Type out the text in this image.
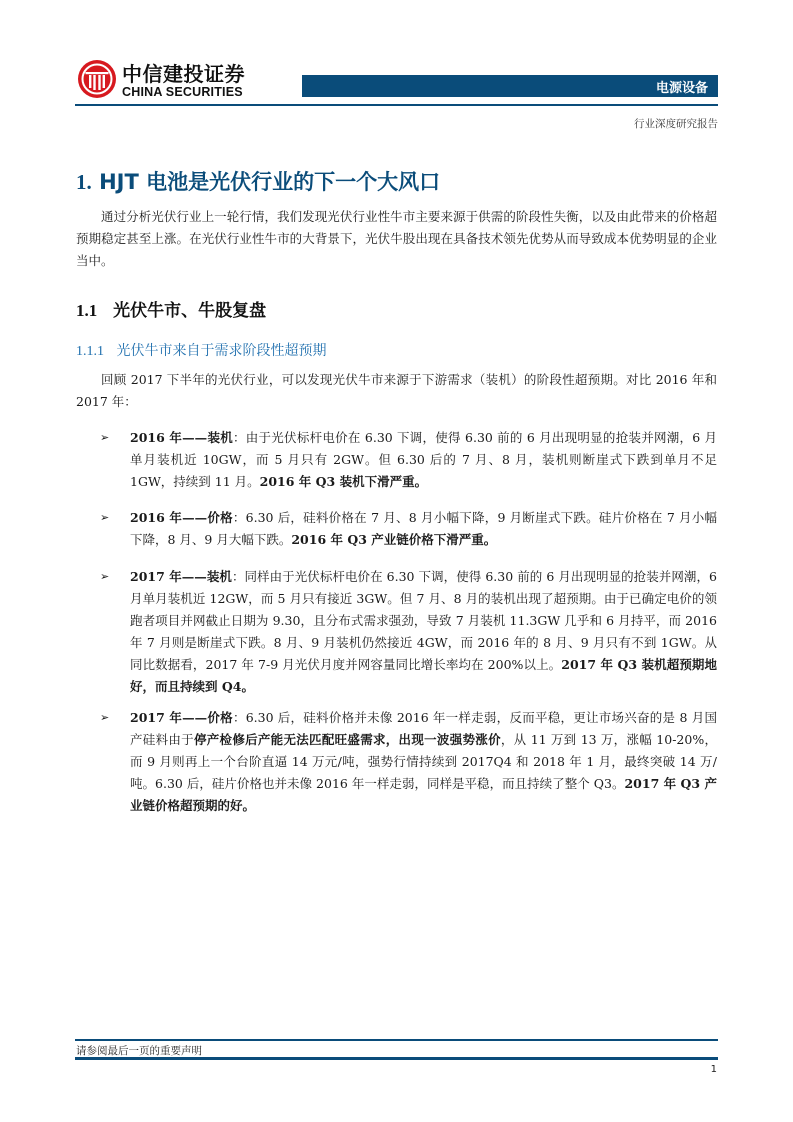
中信建投证券
CHINA SECURITIES	电源设备
行业深度研究报告
1. HJT 电池是光伏行业的下一个大风口
通过分析光伏行业上一轮行情，我们发现光伏行业性牛市主要来源于供需的阶段性失衡，以及由此带来的价格超预期稳定甚至上涨。在光伏行业性牛市的大背景下，光伏牛股出现在具备技术领先优势从而导致成本优势明显的企业当中。
1.1 光伏牛市、牛股复盘
1.1.1 光伏牛市来自于需求阶段性超预期
回顾 2017 下半年的光伏行业，可以发现光伏牛市来源于下游需求（装机）的阶段性超预期。对比 2016 年和 2017 年：
➢ 2016 年——装机：由于光伏标杆电价在 6.30 下调，使得 6.30 前的 6 月出现明显的抢装并网潮，6 月单月装机近 10GW，而 5 月只有 2GW。但 6.30 后的 7 月、8 月，装机则断崖式下跌到单月不足 1GW，持续到 11 月。2016 年 Q3 装机下滑严重。
➢ 2016 年——价格：6.30 后，硅料价格在 7 月、8 月小幅下降，9 月断崖式下跌。硅片价格在 7 月小幅下降，8 月、9 月大幅下跌。2016 年 Q3 产业链价格下滑严重。
➢ 2017 年——装机：同样由于光伏标杆电价在 6.30 下调，使得 6.30 前的 6 月出现明显的抢装并网潮，6 月单月装机近 12GW，而 5 月只有接近 3GW。但 7 月、8 月的装机出现了超预期。由于已确定电价的领跑者项目并网截止日期为 9.30，且分布式需求强劲，导致 7 月装机 11.3GW 几乎和 6 月持平，而 2016 年 7 月则是断崖式下跌。8 月、9 月装机仍然接近 4GW，而 2016 年的 8 月、9 月只有不到 1GW。从同比数据看，2017 年 7-9 月光伏月度并网容量同比增长率均在 200%以上。2017 年 Q3 装机超预期地好，而且持续到 Q4。
➢ 2017 年——价格：6.30 后，硅料价格并未像 2016 年一样走弱，反而平稳，更让市场兴奋的是 8 月国产硅料由于停产检修后产能无法匹配旺盛需求，出现一波强势涨价，从 11 万到 13 万，涨幅 10-20%，而 9 月则再上一个台阶直逼 14 万元/吨，强势行情持续到 2017Q4 和 2018 年 1 月，最终突破 14 万/吨。6.30 后，硅片价格也并未像 2016 年一样走弱，同样是平稳，而且持续了整个 Q3。2017 年 Q3 产业链价格超预期的好。
请参阅最后一页的重要声明
1
